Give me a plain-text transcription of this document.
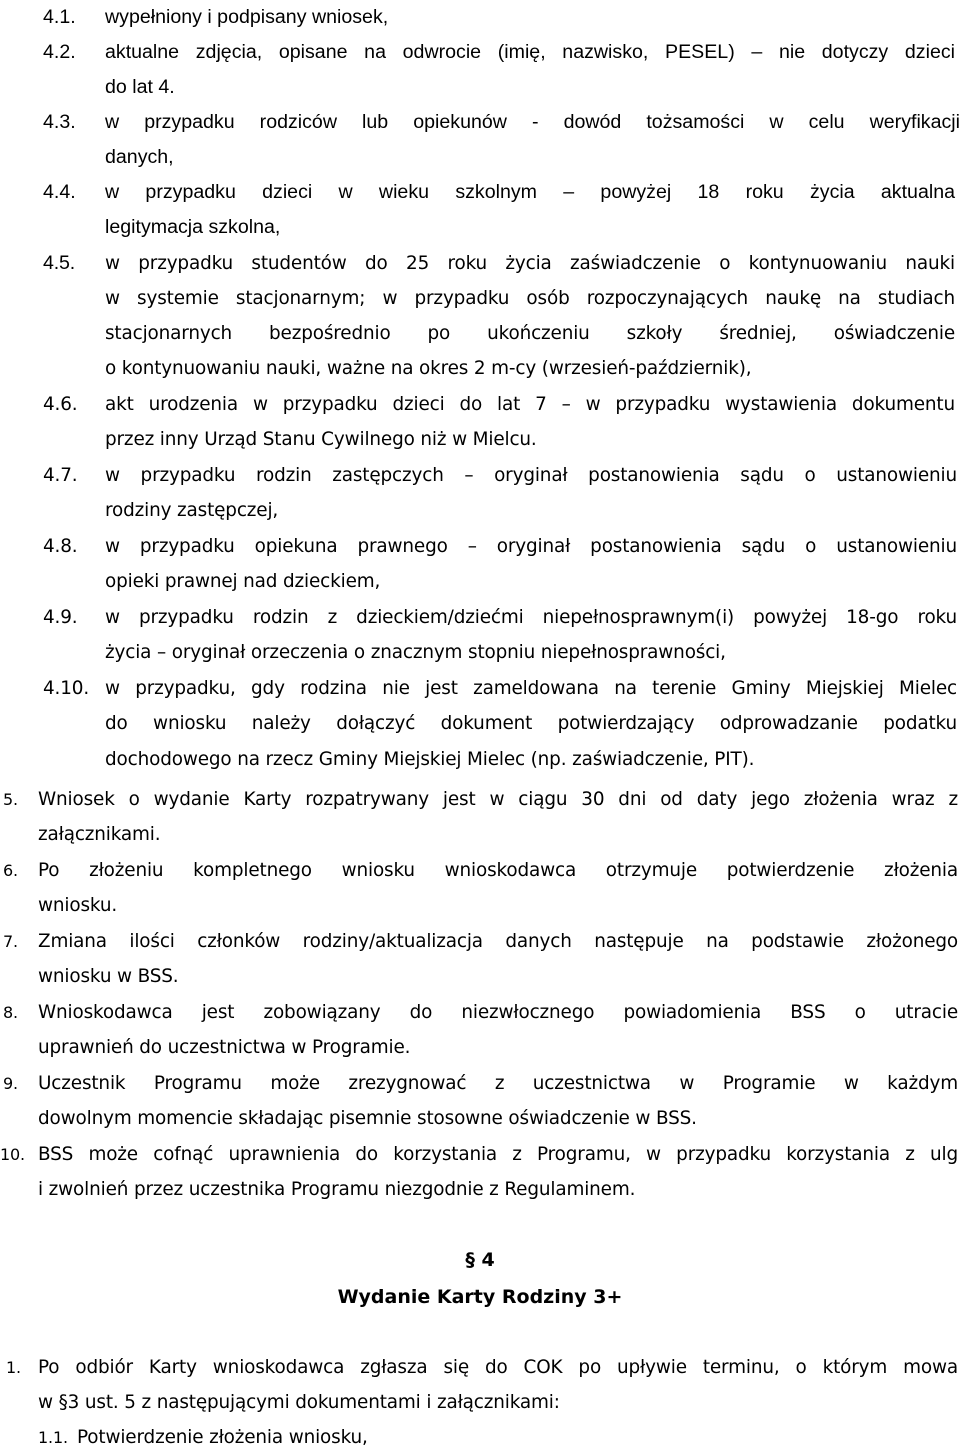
4.1. wypełniony i podpisany wniosek,
4.2. aktualne zdjęcia, opisane na odwrocie (imię, nazwisko, PESEL) – nie dotyczy dzieci
do lat 4.
4.3. w przypadku rodziców lub opiekunów - dowód tożsamości w celu weryfikacji
danych,
4.4. w przypadku dzieci w wieku szkolnym – powyżej 18 roku życia aktualna
legitymacja szkolna,
4.5. w przypadku studentów do 25 roku życia zaświadczenie o kontynuowaniu nauki
w systemie stacjonarnym; w przypadku osób rozpoczynających naukę na studiach
stacjonarnych bezpośrednio po ukończeniu szkoły średniej, oświadczenie
o kontynuowaniu nauki, ważne na okres 2 m-cy (wrzesień-październik),
4.6. akt urodzenia w przypadku dzieci do lat 7 – w przypadku wystawienia dokumentu
przez inny Urząd Stanu Cywilnego niż w Mielcu.
4.7. w przypadku rodzin zastępczych – oryginał postanowienia sądu o ustanowieniu
rodziny zastępczej,
4.8. w przypadku opiekuna prawnego – oryginał postanowienia sądu o ustanowieniu
opieki prawnej nad dzieckiem,
4.9. w przypadku rodzin z dzieckiem/dziećmi niepełnosprawnym(i) powyżej 18-go roku
życia – oryginał orzeczenia o znacznym stopniu niepełnosprawności,
4.10. w przypadku, gdy rodzina nie jest zameldowana na terenie Gminy Miejskiej Mielec
do wniosku należy dołączyć dokument potwierdzający odprowadzanie podatku
dochodowego na rzecz Gminy Miejskiej Mielec (np. zaświadczenie, PIT).
5. Wniosek o wydanie Karty rozpatrywany jest w ciągu 30 dni od daty jego złożenia wraz z
załącznikami.
6. Po złożeniu kompletnego wniosku wnioskodawca otrzymuje potwierdzenie złożenia
wniosku.
7. Zmiana ilości członków rodziny/aktualizacja danych następuje na podstawie złożonego
wniosku w BSS.
8. Wnioskodawca jest zobowiązany do niezwłocznego powiadomienia BSS o utracie
uprawnień do uczestnictwa w Programie.
9. Uczestnik Programu może zrezygnować z uczestnictwa w Programie w każdym
dowolnym momencie składając pisemnie stosowne oświadczenie w BSS.
10. BSS może cofnąć uprawnienia do korzystania z Programu, w przypadku korzystania z ulg
i zwolnień przez uczestnika Programu niezgodnie z Regulaminem.
§ 4
Wydanie Karty Rodziny 3+
1. Po odbiór Karty wnioskodawca zgłasza się do COK po upływie terminu, o którym mowa
w §3 ust. 5 z następującymi dokumentami i załącznikami:
1.1. Potwierdzenie złożenia wniosku,
